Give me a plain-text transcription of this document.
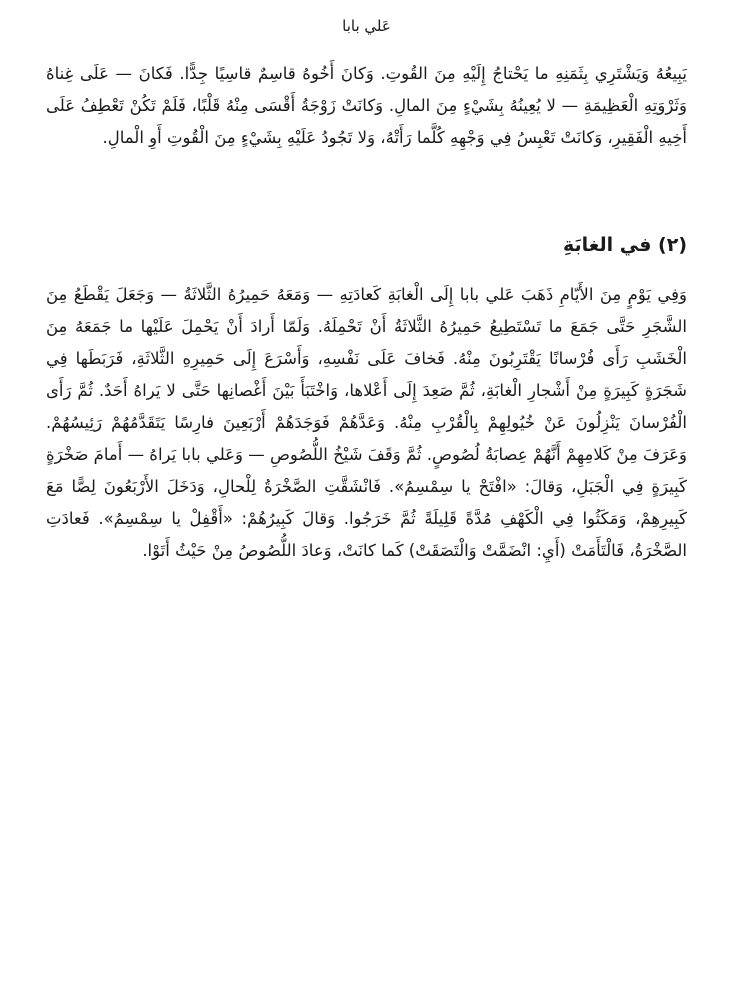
عَلي بابا

يَبِيعُهُ وَيَشْتَرِي بِثَمَنِهِ ما يَحْتاجُ إِلَيْهِ مِنَ القُوتِ. وَكانَ أَخُوهُ قاسِمٌ قاسِيًا جِدًّا. فَكانَ — عَلَى غِناهُ وَثَرْوَتِهِ الْعَظِيمَةِ — لا يُعِينُهُ بِشَيْءٍ مِنَ المالِ. وَكانَتْ زَوْجَةُ أَقْسَى مِنْهُ قَلْبًا، فَلَمْ تَكُنْ تَعْطِفُ عَلَى أَخِيهِ الْفَقِيرِ، وَكانَتْ تَعْبِسُ فِي وَجْهِهِ كُلَّما رَأَتْهُ، وَلا تَجُودُ عَلَيْهِ بِشَيْءٍ مِنَ الْقُوتِ أَوِ الْمالِ.

(٢) في الغابَةِ

وَفِي يَوْمٍ مِنَ الأَيّامِ ذَهَبَ عَلي بابا إِلَى الْغابَةِ كَعادَتِهِ — وَمَعَهُ حَمِيرُهُ الثَّلاثَةُ — وَجَعَلَ يَقْطَعُ مِنَ الشَّجَرِ حَتَّى جَمَعَ ما تَسْتَطِيعُ حَمِيرُهُ الثَّلاثَةُ أَنْ تَحْمِلَهُ. وَلَمّا أَرادَ أَنْ يَحْمِلَ عَلَيْها ما جَمَعَهُ مِنَ الْخَشَبِ رَأَى فُرْسانًا يَقْتَرِبُونَ مِنْهُ. فَخافَ عَلَى نَفْسِهِ، وَأَسْرَعَ إِلَى حَمِيرِهِ الثَّلاثَةِ، فَرَبَطَها فِي شَجَرَةٍ كَبِيرَةٍ مِنْ أَشْجارِ الْغابَةِ، ثُمَّ صَعِدَ إِلَى أَعْلاها، وَاخْتَبَأَ بَيْنَ أَغْصانِها حَتَّى لا يَراهُ أَحَدٌ. ثُمَّ رَأَى الْفُرْسانَ يَنْزِلُونَ عَنْ خُيُولِهِمْ بِالْقُرْبِ مِنْهُ. وَعَدَّهُمْ فَوَجَدَهُمْ أَرْبَعِينَ فارِسًا يَتَقَدَّمُهُمْ رَئِيسُهُمْ. وَعَرَفَ مِنْ كَلامِهِمْ أَنَّهُمْ عِصابَةُ لُصُوصٍ. ثُمَّ وَقَفَ شَيْخُ اللُّصُوصِ — وَعَلي بابا يَراهُ — أَمامَ صَخْرَةٍ كَبِيرَةٍ فِي الْجَبَلِ، وَقالَ: «افْتَحْ يا سِمْسِمُ». فَانْشَقَّتِ الصَّخْرَةُ لِلْحالِ، وَدَخَلَ الأَرْبَعُونَ لِصًّا مَعَ كَبِيرِهِمْ، وَمَكَثُوا فِي الْكَهْفِ مُدَّةً قَلِيلَةً ثُمَّ خَرَجُوا. وَقالَ كَبِيرُهُمْ: «أَقْفِلْ يا سِمْسِمُ». فَعادَتِ الصَّخْرَةُ، فَالْتَأَمَتْ (أَيِ: انْضَمَّتْ وَالْتَصَقَتْ) كَما كانَتْ، وَعادَ اللُّصُوصُ مِنْ حَيْثُ أَتَوْا.
